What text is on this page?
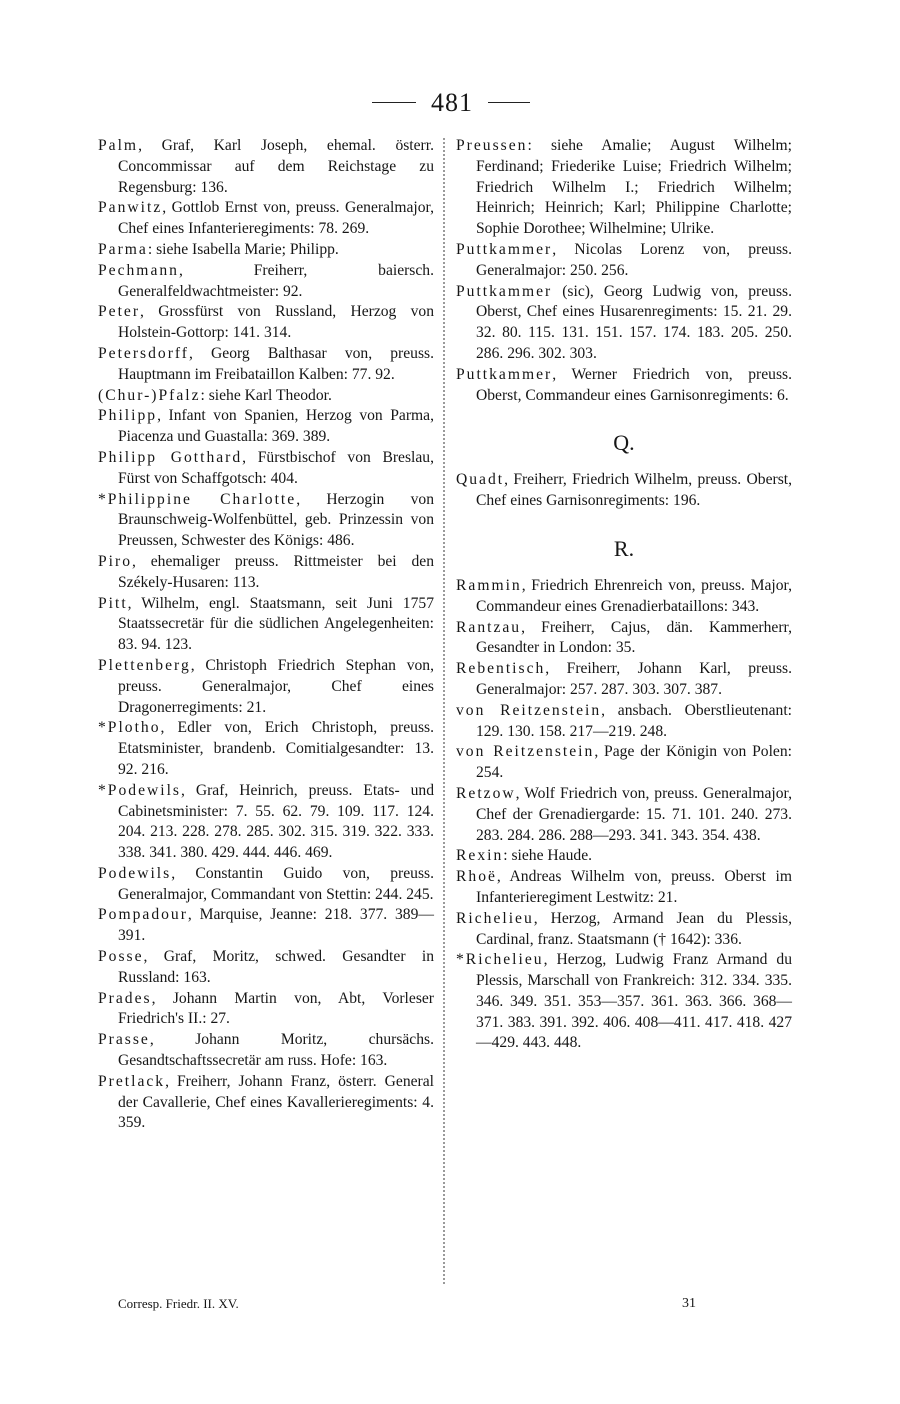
481

Palm, Graf, Karl Joseph, ehemal. österr. Concommissar auf dem Reichstage zu Regensburg: 136.

Panwitz, Gottlob Ernst von, preuss. Generalmajor, Chef eines Infanterieregiments: 78. 269.

Parma: siehe Isabella Marie; Philipp.

Pechmann, Freiherr, baiersch. Generalfeldwachtmeister: 92.

Peter, Grossfürst von Russland, Herzog von Holstein-Gottorp: 141. 314.

Petersdorff, Georg Balthasar von, preuss. Hauptmann im Freibataillon Kalben: 77. 92.

(Chur-)Pfalz: siehe Karl Theodor.

Philipp, Infant von Spanien, Herzog von Parma, Piacenza und Guastalla: 369. 389.

Philipp Gotthard, Fürstbischof von Breslau, Fürst von Schaffgotsch: 404.

*Philippine Charlotte, Herzogin von Braunschweig-Wolfenbüttel, geb. Prinzessin von Preussen, Schwester des Königs: 486.

Piro, ehemaliger preuss. Rittmeister bei den Székely-Husaren: 113.

Pitt, Wilhelm, engl. Staatsmann, seit Juni 1757 Staatssecretär für die südlichen Angelegenheiten: 83. 94. 123.

Plettenberg, Christoph Friedrich Stephan von, preuss. Generalmajor, Chef eines Dragonerregiments: 21.

*Plotho, Edler von, Erich Christoph, preuss. Etatsminister, brandenb. Comitialgesandter: 13. 92. 216.

*Podewils, Graf, Heinrich, preuss. Etats- und Cabinetsminister: 7. 55. 62. 79. 109. 117. 124. 204. 213. 228. 278. 285. 302. 315. 319. 322. 333. 338. 341. 380. 429. 444. 446. 469.

Podewils, Constantin Guido von, preuss. Generalmajor, Commandant von Stettin: 244. 245.

Pompadour, Marquise, Jeanne: 218. 377. 389—391.

Posse, Graf, Moritz, schwed. Gesandter in Russland: 163.

Prades, Johann Martin von, Abt, Vorleser Friedrich's II.: 27.

Prasse, Johann Moritz, chursächs. Gesandtschaftssecretär am russ. Hofe: 163.

Pretlack, Freiherr, Johann Franz, österr. General der Cavallerie, Chef eines Kavallerieregiments: 4. 359.

Preussen: siehe Amalie; August Wilhelm; Ferdinand; Friederike Luise; Friedrich Wilhelm; Friedrich Wilhelm I.; Friedrich Wilhelm; Heinrich; Heinrich; Karl; Philippine Charlotte; Sophie Dorothee; Wilhelmine; Ulrike.

Puttkammer, Nicolas Lorenz von, preuss. Generalmajor: 250. 256.

Puttkammer (sic), Georg Ludwig von, preuss. Oberst, Chef eines Husarenregiments: 15. 21. 29. 32. 80. 115. 131. 151. 157. 174. 183. 205. 250. 286. 296. 302. 303.

Puttkammer, Werner Friedrich von, preuss. Oberst, Commandeur eines Garnisonregiments: 6.

Q.

Quadt, Freiherr, Friedrich Wilhelm, preuss. Oberst, Chef eines Garnisonregiments: 196.

R.

Rammin, Friedrich Ehrenreich von, preuss. Major, Commandeur eines Grenadierbataillons: 343.

Rantzau, Freiherr, Cajus, dän. Kammerherr, Gesandter in London: 35.

Rebentisch, Freiherr, Johann Karl, preuss. Generalmajor: 257. 287. 303. 307. 387.

von Reitzenstein, ansbach. Oberstlieutenant: 129. 130. 158. 217—219. 248.

von Reitzenstein, Page der Königin von Polen: 254.

Retzow, Wolf Friedrich von, preuss. Generalmajor, Chef der Grenadiergarde: 15. 71. 101. 240. 273. 283. 284. 286. 288—293. 341. 343. 354. 438.

Rexin: siehe Haude.

Rhoë, Andreas Wilhelm von, preuss. Oberst im Infanterieregiment Lestwitz: 21.

Richelieu, Herzog, Armand Jean du Plessis, Cardinal, franz. Staatsmann († 1642): 336.

*Richelieu, Herzog, Ludwig Franz Armand du Plessis, Marschall von Frankreich: 312. 334. 335. 346. 349. 351. 353—357. 361. 363. 366. 368—371. 383. 391. 392. 406. 408—411. 417. 418. 427—429. 443. 448.

Corresp. Friedr. II. XV.	31
